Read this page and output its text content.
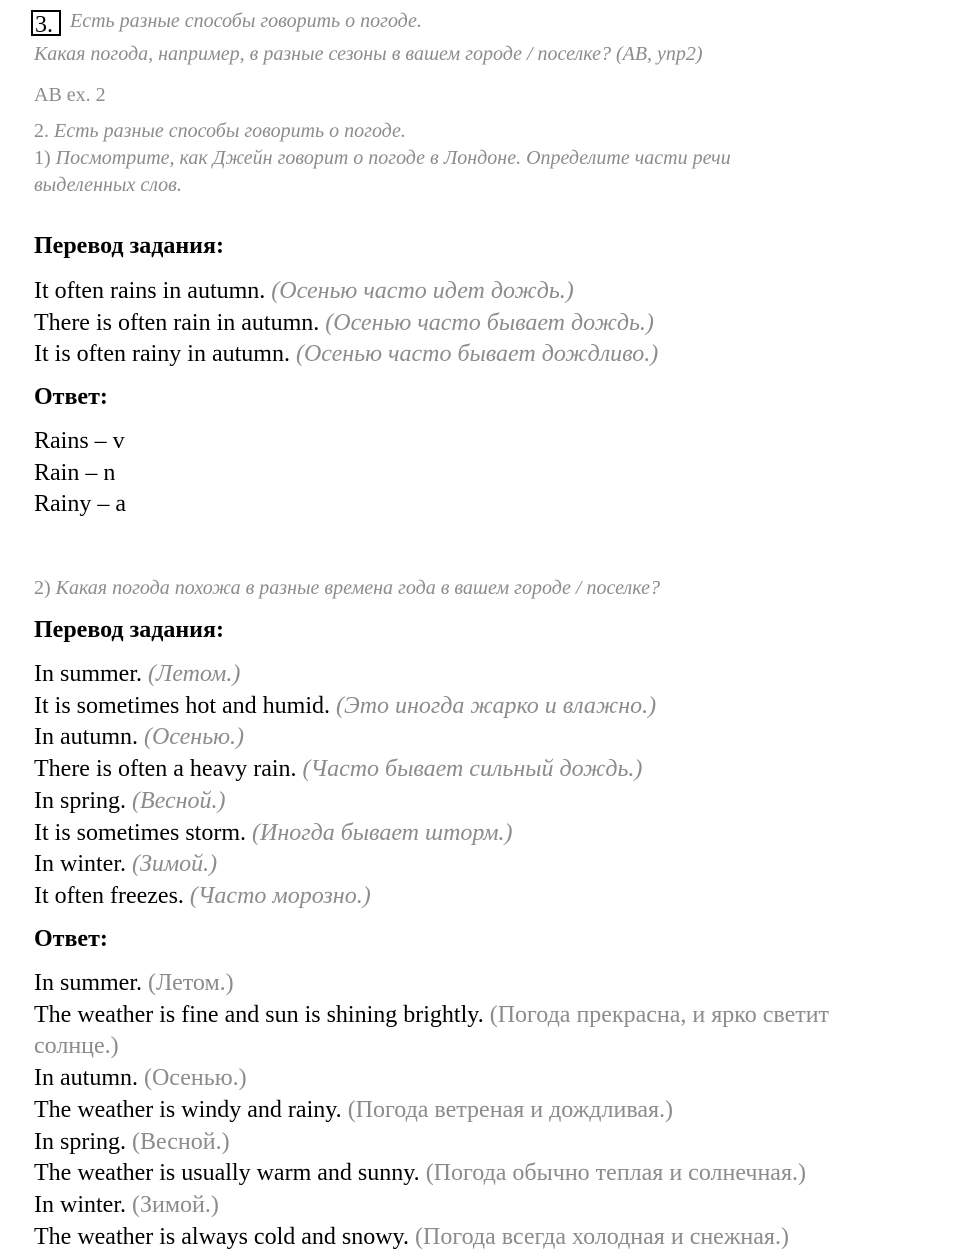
3. Есть разные способы говорить о погоде.
Какая погода, например, в разные сезоны в вашем городе / поселке? (AB, упр2)
AB ex. 2
2. Есть разные способы говорить о погоде.
1) Посмотрите, как Джейн говорит о погоде в Лондоне. Определите части речи
выделенных слов.
Перевод задания:
It often rains in autumn. (Осенью часто идет дождь.)
There is often rain in autumn. (Осенью часто бывает дождь.)
It is often rainy in autumn. (Осенью часто бывает дождливо.)
Ответ:
Rains – v
Rain – n
Rainy – a
2) Какая погода похожа в разные времена года в вашем городе / поселке?
Перевод задания:
In summer. (Летом.)
It is sometimes hot and humid. (Это иногда жарко и влажно.)
In autumn. (Осенью.)
There is often a heavy rain. (Часто бывает сильный дождь.)
In spring. (Весной.)
It is sometimes storm. (Иногда бывает шторм.)
In winter. (Зимой.)
It often freezes. (Часто морозно.)
Ответ:
In summer. (Летом.)
The weather is fine and sun is shining brightly. (Погода прекрасна, и ярко светит
солнце.)
In autumn. (Осенью.)
The weather is windy and rainy. (Погода ветреная и дождливая.)
In spring. (Весной.)
The weather is usually warm and sunny. (Погода обычно теплая и солнечная.)
In winter. (Зимой.)
The weather is always cold and snowy. (Погода всегда холодная и снежная.)
